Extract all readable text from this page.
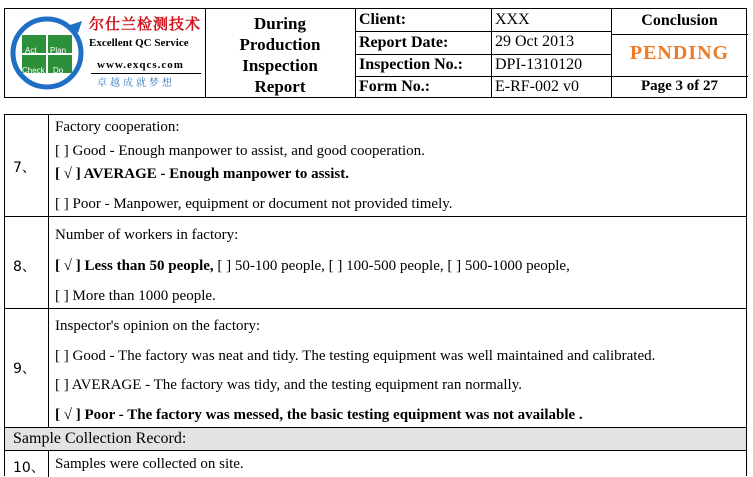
Act Plan
Check Do
尔仕兰检测技术
Excellent QC Service
www.exqcs.com
卓越成就梦想
During
Production
Inspection
Report
Client:	XXX
Report Date:	29 Oct 2013
Inspection No.: DPI-1310120
Form No.:	E-RF-002 v0
Conclusion
PENDING
Page 3 of 27
7、
Factory cooperation:
[ ] Good - Enough manpower to assist, and good cooperation.
[ √ ] AVERAGE - Enough manpower to assist.
[ ] Poor - Manpower, equipment or document not provided timely.
8、
Number of workers in factory:
[ √ ] Less than 50 people, [ ] 50-100 people, [ ] 100-500 people, [ ] 500-1000 people,
[ ] More than 1000 people.
9、
Inspector's opinion on the factory:
[ ] Good - The factory was neat and tidy. The testing equipment was well maintained and calibrated.
[ ] AVERAGE - The factory was tidy, and the testing equipment ran normally.
[ √ ] Poor - The factory was messed, the basic testing equipment was not available .
Sample Collection Record:
10、 Samples were collected on site.
